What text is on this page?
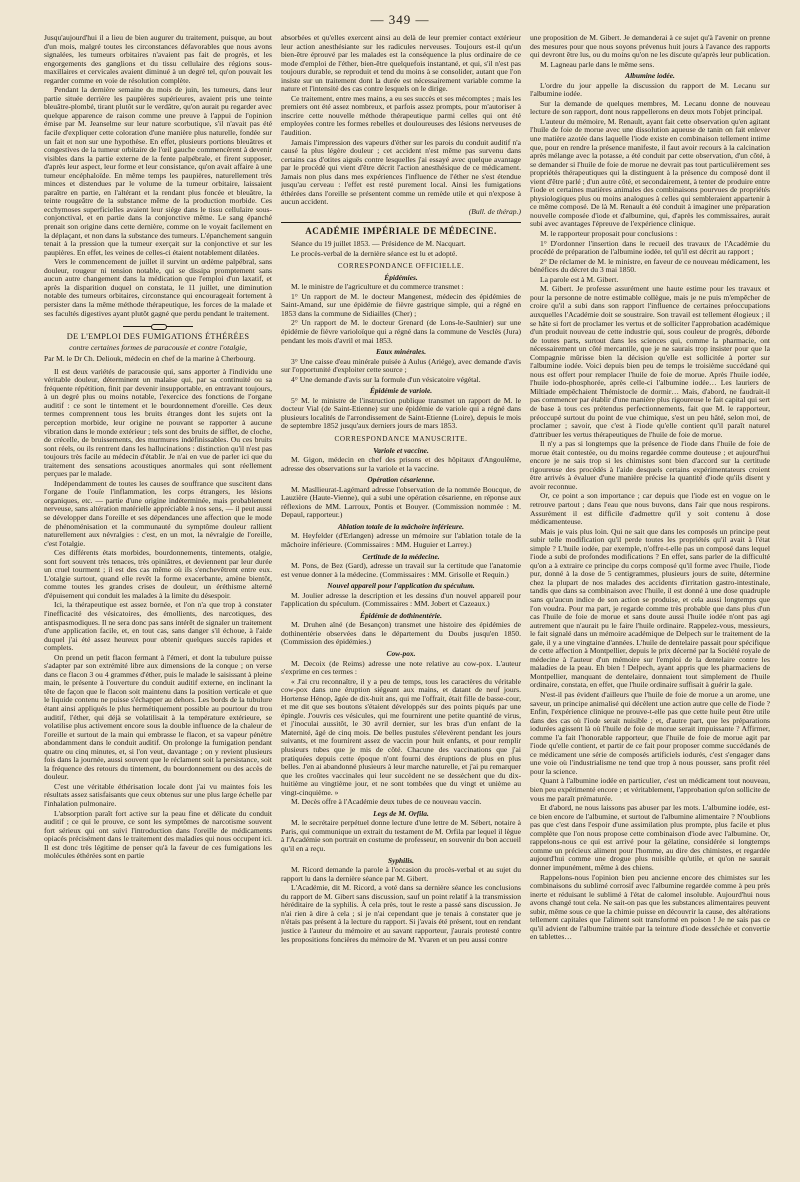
— 349 —

Jusqu'aujourd'hui il a lieu de bien augurer du traitement, puisque, au bout d'un mois, malgré toutes les circonstances défavorables que nous avons signalées, les tumeurs orbitaires n'avaient pas fait de progrès, et les engorgements des ganglions et du tissu cellulaire des régions sous-maxillaires et cervicales avaient diminué à un degré tel, qu'on pouvait les regarder comme en voie de résolution complète.

Pendant la dernière semaine du mois de juin, les tumeurs, dans leur partie située derrière les paupières supérieures, avaient pris une teinte bleuâtre-plombé, tirant plutôt sur le verdâtre, qu'on aurait pu regarder avec quelque apparence de raison comme une preuve à l'appui de l'opinion émise par M. Jeanselme sur leur nature scorbutique, s'il n'avait pas été facile d'expliquer cette coloration d'une manière plus naturelle, fondée sur un fait et non sur une hypothèse. En effet, plusieurs portions bleuâtres et congestives de la tumeur orbitaire de l'œil gauche commencèrent à devenir visibles dans la partie externe de la fente palpébrale, et firent supposer, d'après leur aspect, leur forme et leur consistance, qu'on avait affaire à une tumeur encéphaloïde. En même temps les paupières, naturellement très minces et distendues par le volume de la tumeur orbitaire, laissaient paraître en partie, en l'altérant et la rendant plus foncée et bleuâtre, la teinte rougeâtre de la substance même de la production morbide. Ces ecchymoses superficielles avaient leur siége dans le tissu cellulaire sous-conjonctival, et en partie dans la conjonctive même. Le sang épanché prenait son origine dans cette dernière, comme on le voyait facilement en la déplaçant, et non dans la substance des tumeurs. L'épanchement sanguin tenait à la pression que la tumeur exerçait sur la conjonctive et sur les paupières. En effet, les veines de celles-ci étaient notablement dilatées.

Vers le commencement de juillet il survint un œdème palpébral, sans douleur, rougeur ni tension notable, qui se dissipa promptement sans aucun autre changement dans la médication que l'emploi d'un laxatif, et après la disparition duquel on constata, le 11 juillet, une diminution notable des tumeurs orbitaires, circonstance qui encourageait fortement à persister dans la même méthode thérapeutique, les forces de la malade et ses facultés digestives ayant plutôt gagné que perdu pendant le traitement.

DE L'EMPLOI DES FUMIGATIONS ÉTHÉRÉES
contre certaines formes de paracousie et contre l'otalgie,

Par M. le Dr Ch. Deliouk, médecin en chef de la marine à Cherbourg.

Il est deux variétés de paracousie qui, sans apporter à l'individu une véritable douleur, déterminent un malaise qui, par sa continuité ou sa fréquente répétition, finit par devenir insupportable, en entravant toujours, à un degré plus ou moins notable, l'exercice des fonctions de l'organe auditif : ce sont le tintement et le bourdonnement d'oreille. Ces deux termes comprennent tous les bruits étranges dont les sujets ont la perception morbide, leur origine ne pouvant se rapporter à aucune vibration dans le monde extérieur ; tels sont des bruits de sifflet, de cloche, de crécelle, de bruissements, des murmures indéfinissables. Ou ces bruits sont réels, ou ils rentrent dans les hallucinations : distinction qu'il n'est pas toujours très facile au médecin d'établir. Je n'ai en vue de parler ici que du traitement des sensations acoustiques anormales qui sont réellement perçues par le malade.

Indépendamment de toutes les causes de souffrance que suscitent dans l'organe de l'ouïe l'inflammation, les corps étrangers, les lésions organiques, etc. — partie d'une origine indéterminée, mais probablement nerveuse, sans altération matérielle appréciable à nos sens, — il peut aussi se développer dans l'oreille et ses dépendances une affection que le mode de phénoménisation et la communauté du symptôme douleur rallient naturellement aux névralgies : c'est, en un mot, la névralgie de l'oreille, c'est l'otalgie.

Ces différents états morbides, bourdonnements, tintements, otalgie, sont fort souvent très tenaces, très opiniâtres, et deviennent par leur durée un cruel tourment ; il est des cas même où ils s'enchevêtrent entre eux. L'otalgie surtout, quand elle revêt la forme exacerbante, amène bientôt, comme toutes les grandes crises de douleur, un éréthisme alterné d'épuisement qui conduit les malades à la limite du désespoir.

Ici, la thérapeutique est assez bornée, et l'on n'a que trop à constater l'inefficacité des vésicatoires, des émollients, des narcotiques, des antispasmodiques. Il ne sera donc pas sans intérêt de signaler un traitement d'une application facile, et, en tout cas, sans danger s'il échoue, à l'aide duquel j'ai été assez heureux pour obtenir quelques succès rapides et complets.

On prend un petit flacon fermant à l'émeri, et dont la tubulure puisse s'adapter par son extrémité libre aux dimensions de la conque ; on verse dans ce flacon 3 ou 4 grammes d'éther, puis le malade le saisissant à pleine main, le présente à l'ouverture du conduit auditif externe, en inclinant la tête de façon que le flacon soit maintenu dans la position verticale et que le liquide contenu ne puisse s'échapper au dehors. Les bords de la tubulure étant ainsi appliqués le plus hermétiquement possible au pourtour du trou auditif, l'éther, qui déjà se volatilisait à la température extérieure, se volatilise plus activement encore sous la double influence de la chaleur de l'oreille et surtout de la main qui embrasse le flacon, et sa vapeur pénètre abondamment dans le conduit auditif. On prolonge la fumigation pendant quatre ou cinq minutes, et, si l'on veut, davantage ; on y revient plusieurs fois dans la journée, aussi souvent que le réclament soit la persistance, soit la fréquence des retours du tintement, du bourdonnement ou des accès de douleur.

C'est une véritable éthérisation locale dont j'ai vu maintes fois les résultats assez satisfaisants que ceux obtenus sur une plus large échelle par l'inhalation pulmonaire.

L'absorption paraît fort active sur la peau fine et délicate du conduit auditif ; ce qui le prouve, ce sont les symptômes de narcotisme souvent fort sérieux qui ont suivi l'introduction dans l'oreille de médicaments opiacés précisément dans le traitement des maladies qui nous occupent ici. Il est donc très légitime de penser qu'à la faveur de ces fumigations les molécules éthérées sont en partie

absorbées et qu'elles exercent ainsi au delà de leur premier contact extérieur leur action anesthésiante sur les radicules nerveuses. Toujours est-il qu'un bien-être éprouvé par les malades est la conséquence la plus ordinaire de ce mode d'emploi de l'éther, bien-être quelquefois instantané, et qui, s'il n'est pas toujours durable, se reproduit et tend du moins à se consolider, autant que l'on insiste sur un traitement dont la durée est nécessairement variable comme la nature et l'intensité des cas contre lesquels on le dirige.

Ce traitement, entre mes mains, a eu ses succès et ses mécomptes ; mais les premiers ont été assez nombreux, et parfois assez prompts, pour m'autoriser à inscrire cette nouvelle méthode thérapeutique parmi celles qui ont été employées contre les formes rebelles et douloureuses des lésions nerveuses de l'audition.

Jamais l'impression des vapeurs d'éther sur les parois du conduit auditif n'a causé la plus légère douleur ; cet accident n'est même pas survenu dans certains cas d'otites aiguës contre lesquelles j'ai essayé avec quelque avantage par le procédé qui vient d'être décrit l'action anesthésique de ce médicament. Jamais non plus dans mes expériences l'influence de l'éther ne s'est étendue jusqu'au cerveau : l'effet est resté purement local. Ainsi les fumigations éthérées dans l'oreille se présentent comme un remède utile et qui n'expose à aucun accident.

(Bull. de thérap.)
ACADÉMIE IMPÉRIALE DE MÉDECINE.

Séance du 19 juillet 1853. — Présidence de M. Nacquart.

Le procès-verbal de la dernière séance est lu et adopté.

CORRESPONDANCE OFFICIELLE.
Épidémies.

M. le ministre de l'agriculture et du commerce transmet :

1° Un rapport de M. le docteur Mangenest, médecin des épidémies de Saint-Amand, sur une épidémie de fièvre gastrique simple, qui a régné en 1853 dans la commune de Sidiailles (Cher) ;

2° Un rapport de M. le docteur Grenard (de Lons-le-Saulnier) sur une épidémie de fièvre varioloïque qui a régné dans la commune de Vesclès (Jura) pendant les mois d'avril et mai 1853.

Eaux minérales.

3° Une caisse d'eau minérale puisée à Aulus (Ariége), avec demande d'avis sur l'opportunité d'exploiter cette source ;

4° Une demande d'avis sur la formule d'un vésicatoire végétal.

Épidémie de variole.

5° M. le ministre de l'instruction publique transmet un rapport de M. le docteur Vial (de Saint-Etienne) sur une épidémie de variole qui a régné dans plusieurs localités de l'arrondissement de Saint-Etienne (Loire), depuis le mois de septembre 1852 jusqu'aux derniers jours de mars 1853.

CORRESPONDANCE MANUSCRITE.
Variole et vaccine.

M. Gigon, médecin en chef des prisons et des hôpitaux d'Angoulême, adresse des observations sur la variole et la vaccine.

Opération césarienne.

M. Masllieurat-Lagémard adresse l'observation de la nommée Boucque, de Lauzière (Haute-Vienne), qui a subi une opération césarienne, en réponse aux réflexions de MM. Larroux, Pontis et Bouyer. (Commission nommée : M. Depaul, rapporteur.)

Ablation totale de la mâchoire inférieure.

M. Heyfelder (d'Erlangen) adresse un mémoire sur l'ablation totale de la mâchoire inférieure. (Commissaires : MM. Huguier et Larrey.)

Certitude de la médecine.

M. Pons, de Bez (Gard), adresse un travail sur la certitude que l'anatomie est venue donner à la médecine. (Commissaires : MM. Grisolle et Requin.)

Nouvel appareil pour l'application du spéculum.

M. Joulier adresse la description et les dessins d'un nouvel appareil pour l'application du spéculum. (Commissaires : MM. Jobert et Cazeaux.)

Épidémie de dothinentérie.

M. Druhen aîné (de Besançon) transmet une histoire des épidémies de dothinentérie observées dans le département du Doubs jusqu'en 1850. (Commission des épidémies.)

Cow-pox.

M. Decoix (de Reims) adresse une note relative au cow-pox. L'auteur s'exprime en ces termes :

« J'ai cru reconnaître, il y a peu de temps, tous les caractères du véritable cow-pox dans une éruption siégeant aux mains, et datant de neuf jours. Hortense Hénop, âgée de dix-huit ans, qui me l'offrait, était fille de basse-cour, et me dit que ses boutons s'étaient développés sur des points piqués par une épingle. J'ouvris ces vésicules, qui me fournirent une petite quantité de virus, et j'inoculai aussitôt, le 30 avril dernier, sur les bras d'un enfant de la Maternité, âgé de cinq mois. De belles pustules s'élevèrent pendant les jours suivants, et me fournirent assez de vaccin pour huit enfants, et pour remplir plusieurs tubes que je mis de côté. Chacune des vaccinations que j'ai pratiquées depuis cette époque n'ont fourni des éruptions de plus en plus belles. J'en ai abandonné plusieurs à leur marche naturelle, et j'ai pu remarquer que les croûtes vaccinales qui leur succèdent ne se dessèchent que du dix-huitième au vingtième jour, et ne sont tombées que du vingt et unième au vingt-cinquième. »

M. Decès offre à l'Académie deux tubes de ce nouveau vaccin.

Legs de M. Orfila.

M. le secrétaire perpétuel donne lecture d'une lettre de M. Sébert, notaire à Paris, qui communique un extrait du testament de M. Orfila par lequel il lègue à l'Académie son portrait en costume de professeur, en souvenir du bon accueil qu'il en a reçu.

Syphilis.

M. Ricord demande la parole à l'occasion du procès-verbal et au sujet du rapport lu dans la dernière séance par M. Gibert.

L'Académie, dit M. Ricord, a voté dans sa dernière séance les conclusions du rapport de M. Gibert sans discussion, sauf un point relatif à la transmission héréditaire de la syphilis. À cela près, tout le reste a passé sans discussion. Je n'ai rien à dire à cela ; si je n'ai cependant que je tenais à constater que je n'étais pas présent à la lecture du rapport. Si j'avais été présent, tout en rendant justice à l'auteur du mémoire et au savant rapporteur, j'aurais protesté contre les propositions foncières du mémoire de M. Yvaren et un peu aussi contre

une proposition de M. Gibert. Je demanderai à ce sujet qu'à l'avenir on prenne des mesures pour que nous soyons prévenus huit jours à l'avance des rapports qui devront être lus, ou du moins qu'on ne les discute qu'après leur publication.

M. Lagneau parle dans le même sens.

Albumine iodée.

L'ordre du jour appelle la discussion du rapport de M. Lecanu sur l'albumine iodée.

Sur la demande de quelques membres, M. Lecanu donne de nouveau lecture de son rapport, dont nous rappellerons en deux mots l'objet principal.

L'auteur du mémoire, M. Renault, ayant fait cette observation qu'en agitant l'huile de foie de morue avec une dissolution aqueuse de tanin on fait enlever une matière azotée dans laquelle l'iode existe en combinaison tellement intime que, pour en rendre la présence manifeste, il faut avoir recours à la calcination après mélange avec la potasse, a été conduit par cette observation, d'un côté, à se demander si l'huile de foie de morue ne devrait pas tout particulièrement ses propriétés thérapeutiques qui la distinguent à la présence du composé dont il vient d'être parlé ; d'un autre côté, et secondairement, à tenter de produire entre l'iode et certaines matières animales des combinaisons pourvues de propriétés physiologiques plus ou moins analogues à celles qui sembleraient appartenir à ce même composé. De là M. Renault a été conduit à imaginer une préparation nouvelle composée d'iode et d'albumine, qui, d'après les commissaires, aurait subi avec avantages l'épreuve de l'expérience clinique.

M. le rapporteur proposait pour conclusions :

1° D'ordonner l'insertion dans le recueil des travaux de l'Académie du procédé de préparation de l'albumine iodée, tel qu'il est décrit au rapport ;

2° De réclamer de M. le ministre, en faveur de ce nouveau médicament, les bénéfices du décret du 3 mai 1850.

La parole est à M. Gibert.

M. Gibert. Je professe assurément une haute estime pour les travaux et pour la personne de notre estimable collègue, mais je ne puis m'empêcher de croire qu'il a subi dans son rapport l'influence de certaines préoccupations auxquelles l'Académie doit se soustraire. Son travail est tellement élogieux ; il se hâte si fort de proclamer les vertus et de solliciter l'approbation académique d'un produit nouveau de cette industrie qui, sous couleur de progrès, déborde de toutes parts, surtout dans les sciences qui, comme la pharmacie, ont nécessairement un côté mercantile, que je ne saurais trop insister pour que la Compagnie mûrisse bien la décision qu'elle est sollicitée à porter sur l'albumine iodée. Voici depuis bien peu de temps le troisième succédané qui nous est offert pour remplacer l'huile de foie de morue. Après l'huile iodée, l'huile iodo-phosphorée, après celle-ci l'albumine iodée… Les lauriers de Miltiade empêchaient Thémistocle de dormir… Mais, d'abord, ne faudrait-il pas commencer par établir d'une manière plus rigoureuse le fait capital qui sert de base à tous ces prétendus perfectionnements, fait que M. le rapporteur, préoccupé surtout du point de vue chimique, s'est un peu hâté, selon moi, de proclamer ; savoir, que c'est à l'iode qu'elle contient qu'il paraît naturel d'attribuer les vertus thérapeutiques de l'huile de foie de morue.

Il n'y a pas si longtemps que la présence de l'iode dans l'huile de foie de morue était contestée, ou du moins regardée comme douteuse ; et aujourd'hui encore je ne sais trop si les chimistes sont bien d'accord sur la certitude rigoureuse des procédés à l'aide desquels certains expérimentateurs croient être arrivés à évaluer d'une manière précise la quantité d'iode qu'ils disent y avoir reconnue.

Or, ce point a son importance ; car depuis que l'iode est en vogue on le retrouve partout ; dans l'eau que nous buvons, dans l'air que nous respirons. Assurément il est difficile d'admettre qu'il y soit contenu à dose médicamenteuse.

Mais je vais plus loin. Qui ne sait que dans les composés un principe peut subir telle modification qu'il perde toutes les propriétés qu'il avait à l'état simple ? L'huile iodée, par exemple, n'offre-t-elle pas un composé dans lequel l'iode a subi de profondes modifications ? En effet, sans parler de la difficulté qu'on a à extraire ce principe du corps composé qu'il forme avec l'huile, l'iode pur, donné à la dose de 5 centigrammes, plusieurs jours de suite, détermine chez la plupart de nos malades des accidents d'irritation gastro-intestinale, tandis que dans sa combinaison avec l'huile, il est donné à une dose quadruple sans qu'aucun indice de son action se produise, et cela aussi longtemps que l'on voudra. Pour ma part, je regarde comme très probable que dans plus d'un cas l'huile de foie de morue et sans doute aussi l'huile iodée n'ont pas agi autrement que n'aurait pu le faire l'huile ordinaire. Rappelez-vous, messieurs, le fait signalé dans un mémoire académique de Delpech sur le traitement de la gale, il y a une vingtaine d'années. L'huile de dentelaire passait pour spécifique de cette affection à Montpellier, depuis le prix décerné par la Société royale de médecine à l'auteur d'un mémoire sur l'emploi de la dentelaire contre les maladies de la peau. Eh bien ! Delpech, ayant appris que les pharmaciens de Montpellier, manquant de dentelaire, donnaient tout simplement de l'huile ordinaire, constata, en effet, que l'huile ordinaire suffisait à guérir la gale.

N'est-il pas évident d'ailleurs que l'huile de foie de morue a un arome, une saveur, un principe animalisé qui décèlent une action autre que celle de l'iode ? Enfin, l'expérience clinique ne prouve-t-elle pas que cette huile peut être utile dans des cas où l'iode serait nuisible ; et, d'autre part, que les préparations iodurées agissent là où l'huile de foie de morue serait impuissante ? Affirmer, comme l'a fait l'honorable rapporteur, que l'huile de foie de morue agit par l'iode qu'elle contient, et partir de ce fait pour proposer comme succédanés de ce médicament une série de composés artificiels iodurés, c'est s'engager dans une voie où l'industrialisme ne tend que trop à nous pousser, sans profit réel pour la science.

Quant à l'albumine iodée en particulier, c'est un médicament tout nouveau, bien peu expérimenté encore ; et véritablement, l'approbation qu'on sollicite de vous me paraît prématurée.

Et d'abord, ne nous laissons pas abuser par les mots. L'albumine iodée, est-ce bien encore de l'albumine, et surtout de l'albumine alimentaire ? N'oublions pas que c'est dans l'espoir d'une assimilation plus prompte, plus facile et plus complète que l'on nous propose cette combinaison d'iode avec l'albumine. Or, rappelons-nous ce qui est arrivé pour la gélatine, considérée si longtemps comme un précieux aliment pour l'homme, au dire des chimistes, et regardée aujourd'hui comme une drogue plus nuisible qu'utile, et qu'on ne saurait donner impunément, même à des chiens.

Rappelons-nous l'opinion bien peu ancienne encore des chimistes sur les combinaisons du sublimé corrosif avec l'albumine regardée comme à peu près inerte et réduisant le sublimé à l'état de calomel insoluble. Aujourd'hui nous avons changé tout cela. Ne sait-on pas que les substances alimentaires peuvent subir, même sous ce que la chimie puisse en découvrir la cause, des altérations tellement capitales que l'aliment soit transformé en poison ! Je ne sais pas ce qu'il advient de l'albumine traitée par la teinture d'iode desséchée et convertie en tablettes…
